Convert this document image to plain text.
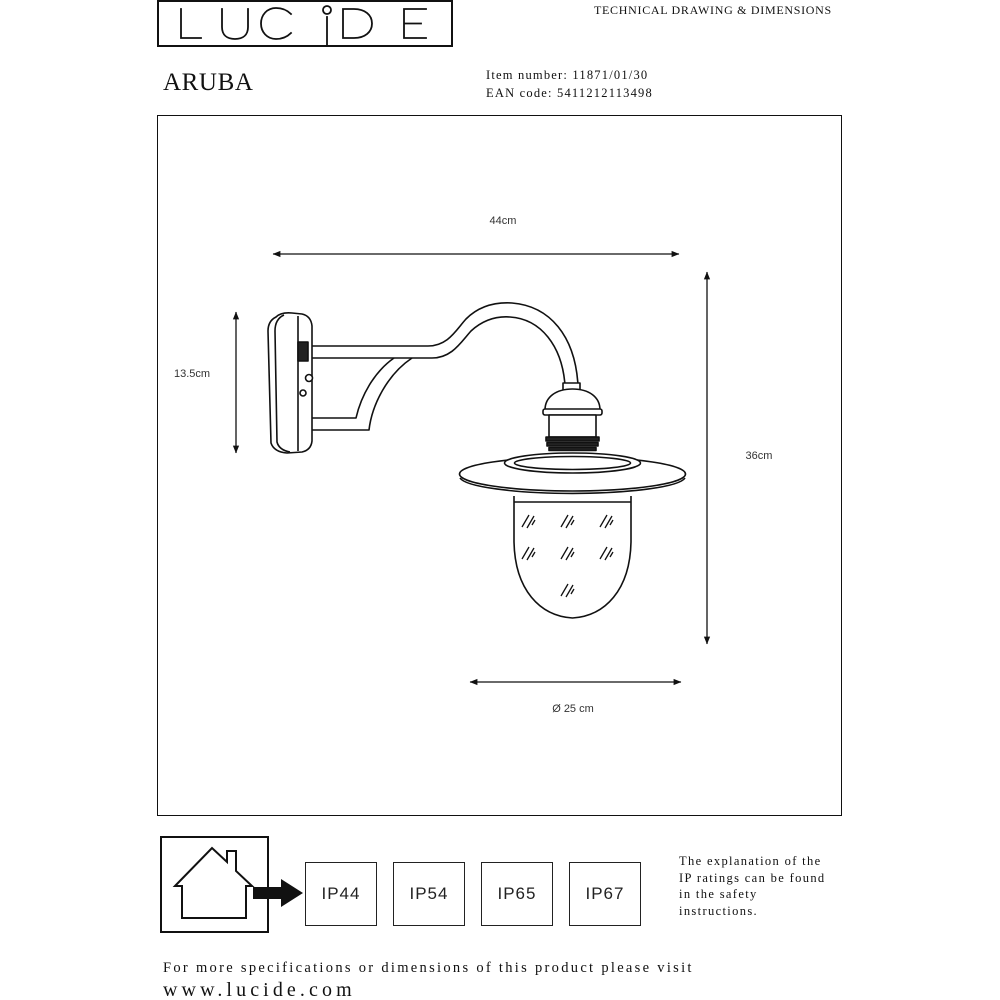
IP44	IP54	IP65	IP67
TECHNICAL DRAWING & DIMENSIONS
ARUBA	Item number: 11871/01/30
EAN code: 5411212113498
44cm
13.5cm
36cm
Ø 25 cm
The explanation of the
IP ratings can be found
in the safety
instructions.
For more specifications or dimensions of this product please visit
www.lucide.com
